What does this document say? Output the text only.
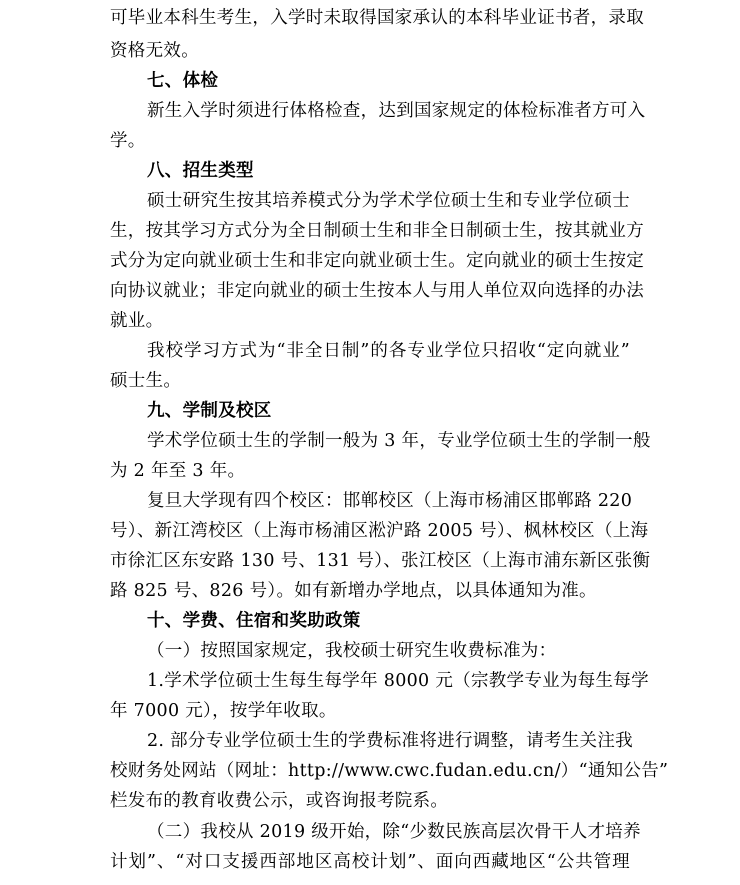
可毕业本科生考生，入学时未取得国家承认的本科毕业证书者，录取
资格无效。
七、体检
新生入学时须进行体格检查，达到国家规定的体检标准者方可入
学。
八、招生类型
硕士研究生按其培养模式分为学术学位硕士生和专业学位硕士
生，按其学习方式分为全日制硕士生和非全日制硕士生，按其就业方
式分为定向就业硕士生和非定向就业硕士生。定向就业的硕士生按定
向协议就业；非定向就业的硕士生按本人与用人单位双向选择的办法
就业。
我校学习方式为“非全日制”的各专业学位只招收“定向就业”
硕士生。
九、学制及校区
学术学位硕士生的学制一般为 3 年，专业学位硕士生的学制一般
为 2 年至 3 年。
复旦大学现有四个校区：邯郸校区（上海市杨浦区邯郸路 220
号）、新江湾校区（上海市杨浦区淞沪路 2005 号）、枫林校区（上海
市徐汇区东安路 130 号、131 号）、张江校区（上海市浦东新区张衡
路 825 号、826 号）。如有新增办学地点，以具体通知为准。
十、学费、住宿和奖助政策
（一）按照国家规定，我校硕士研究生收费标准为：
1.学术学位硕士生每生每学年 8000 元（宗教学专业为每生每学
年 7000 元），按学年收取。
2. 部分专业学位硕士生的学费标准将进行调整，请考生关注我
校财务处网站（网址：http://www.cwc.fudan.edu.cn/）“通知公告”
栏发布的教育收费公示，或咨询报考院系。
（二）我校从 2019 级开始，除“少数民族高层次骨干人才培养
计划”、“对口支援西部地区高校计划”、面向西藏地区“公共管理
